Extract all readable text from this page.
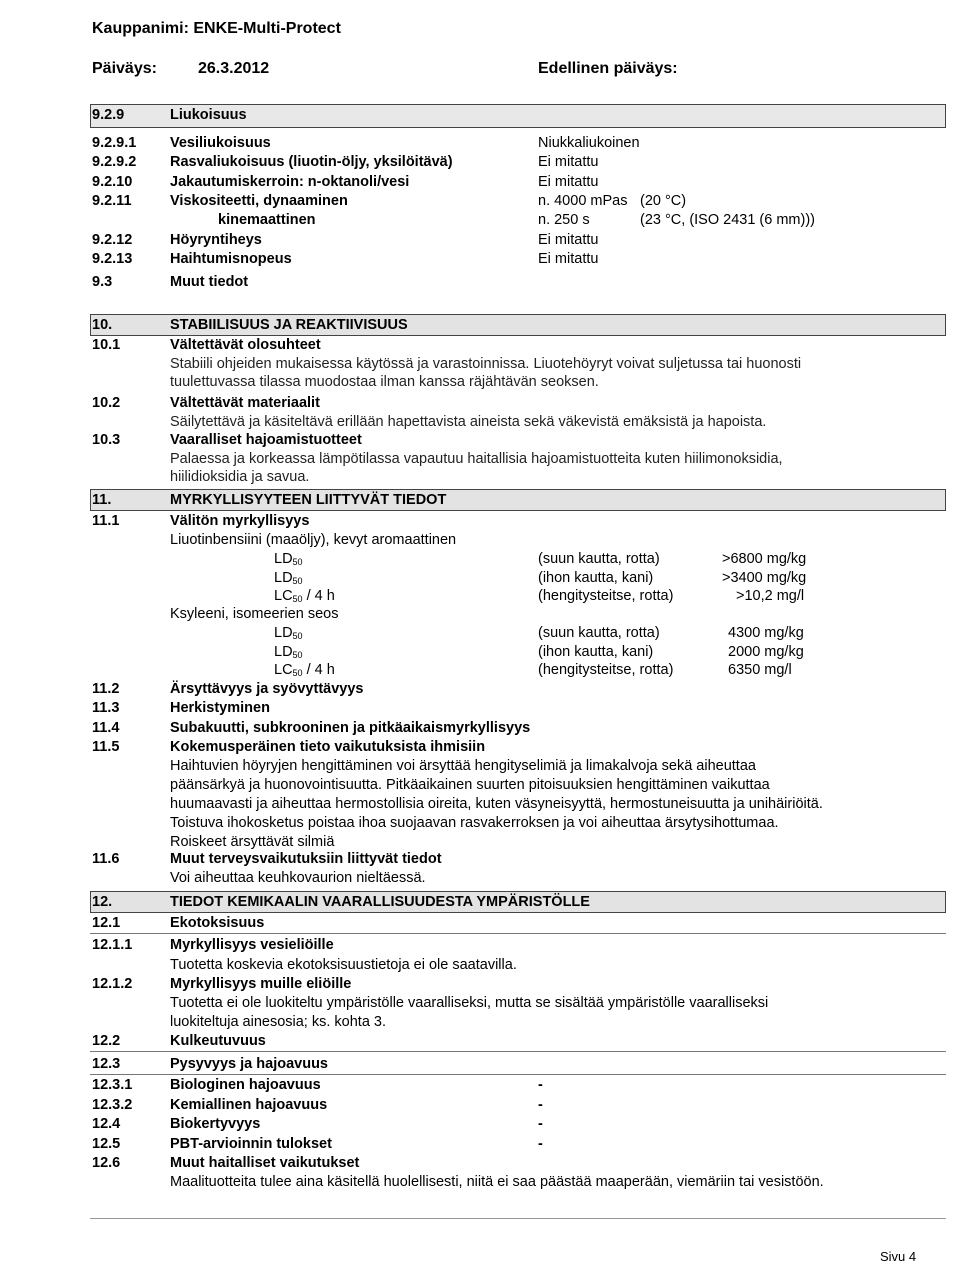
Kauppanimi: ENKE-Multi-Protect
Päiväys:	26.3.2012	Edellinen päiväys:
9.2.9	Liukoisuus
9.2.9.1 Vesiliukoisuus	Niukkaliukoinen
9.2.9.2 Rasvaliukoisuus (liuotin-öljy, yksilöitävä)	Ei mitattu
9.2.10	Jakautumiskerroin: n-oktanoli/vesi	Ei mitattu
9.2.11	Viskositeetti, dynaaminen	n. 4000 mPas (20 °C)
kinemaattinen	n. 250 s	(23 °C, (ISO 2431 (6 mm)))
9.2.12	Höyryntiheys	Ei mitattu
9.2.13	Haihtumisnopeus	Ei mitattu
9.3	Muut tiedot
10.	STABIILISUUS JA REAKTIIVISUUS
10.1	Vältettävät olosuhteet
Stabiili ohjeiden mukaisessa käytössä ja varastoinnissa. Liuotehöyryt voivat suljetussa tai huonosti
tuulettuvassa tilassa muodostaa ilman kanssa räjähtävän seoksen.
10.2	Vältettävät materiaalit
Säilytettävä ja käsiteltävä erillään hapettavista aineista sekä väkevistä emäksistä ja hapoista.
10.3	Vaaralliset hajoamistuotteet
Palaessa ja korkeassa lämpötilassa vapautuu haitallisia hajoamistuotteita kuten hiilimonoksidia,
hiilidioksidia ja savua.
11.	MYRKYLLISYYTEEN LIITTYVÄT TIEDOT
11.1	Välitön myrkyllisyys
Liuotinbensiini (maaöljy), kevyt aromaattinen
$LD_{50}$	(suun kautta, rotta)	>6800 mg/kg
$LD_{50}$	(ihon kautta, kani)	>3400 mg/kg
$LC_{50} / 4$ h	(hengitysteitse, rotta)	>10,2 mg/l
Ksyleeni, isomeerien seos
$LD_{50}$	(suun kautta, rotta)	4300 mg/kg
$LD_{50}$	(ihon kautta, kani)	2000 mg/kg
$LC_{50} / 4$ h	(hengitysteitse, rotta)	6350 mg/l
11.2	Ärsyttävyys ja syövyttävyys
11.3	Herkistyminen
11.4	Subakuutti, subkrooninen ja pitkäaikaismyrkyllisyys
11.5	Kokemusperäinen tieto vaikutuksista ihmisiin
Haihtuvien höyryjen hengittäminen voi ärsyttää hengityselimiä ja limakalvoja sekä aiheuttaa
päänsärkyä ja huonovointisuutta. Pitkäaikainen suurten pitoisuuksien hengittäminen vaikuttaa
huumaavasti ja aiheuttaa hermostollisia oireita, kuten väsyneisyyttä, hermostuneisuutta ja unihäiriöitä.
Toistuva ihokosketus poistaa ihoa suojaavan rasvakerroksen ja voi aiheuttaa ärsytysihottumaa.
Roiskeet ärsyttävät silmiä
11.6	Muut terveysvaikutuksiin liittyvät tiedot
Voi aiheuttaa keuhkovaurion nieltäessä.
12.	TIEDOT KEMIKAALIN VAARALLISUUDESTA YMPÄRISTÖLLE
12.1	Ekotoksisuus
12.1.1	Myrkyllisyys vesieliöille
Tuotetta koskevia ekotoksisuustietoja ei ole saatavilla.
12.1.2	Myrkyllisyys muille eliöille
Tuotetta ei ole luokiteltu ympäristölle vaaralliseksi, mutta se sisältää ympäristölle vaaralliseksi
luokiteltuja ainesosia; ks. kohta 3.
12.2	Kulkeutuvuus
12.3	Pysyvyys ja hajoavuus
12.3.1	Biologinen hajoavuus	-
12.3.2	Kemiallinen hajoavuus	-
12.4	Biokertyvyys	-
12.5	PBT-arvioinnin tulokset	-
12.6	Muut haitalliset vaikutukset
Maalituotteita tulee aina käsitellä huolellisesti, niitä ei saa päästää maaperään, viemäriin tai vesistöön.
Sivu 4
